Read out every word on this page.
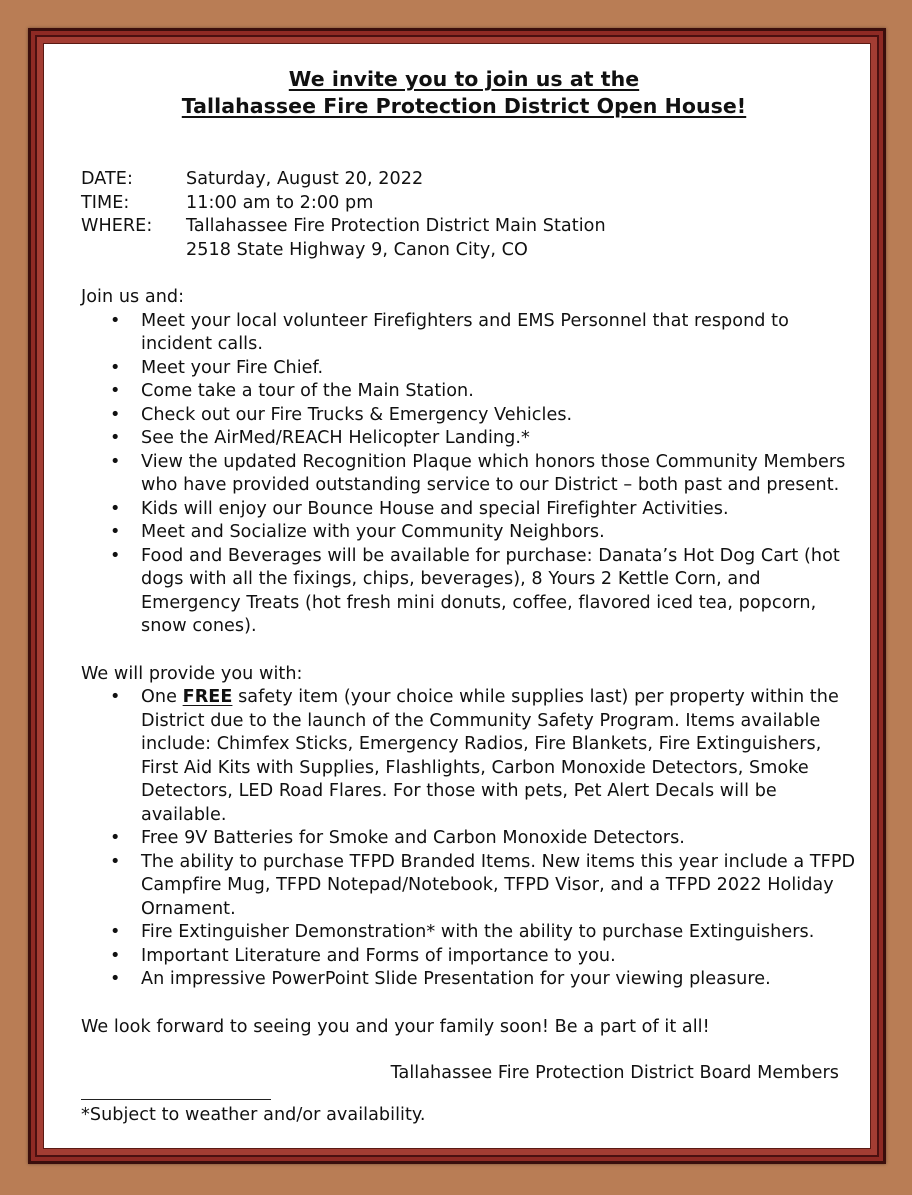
We invite you to join us at the
Tallahassee Fire Protection District Open House!
DATE:	Saturday, August 20, 2022
TIME:	11:00 am to 2:00 pm
WHERE:	Tallahassee Fire Protection District Main Station
2518 State Highway 9, Canon City, CO

Join us and:

• Meet your local volunteer Firefighters and EMS Personnel that respond to incident calls.
• Meet your Fire Chief.
• Come take a tour of the Main Station.
• Check out our Fire Trucks & Emergency Vehicles.
• See the AirMed/REACH Helicopter Landing.*
• View the updated Recognition Plaque which honors those Community Members who have provided outstanding service to our District – both past and present.
• Kids will enjoy our Bounce House and special Firefighter Activities.
• Meet and Socialize with your Community Neighbors.
• Food and Beverages will be available for purchase: Danata’s Hot Dog Cart (hot dogs with all the fixings, chips, beverages), 8 Yours 2 Kettle Corn, and Emergency Treats (hot fresh mini donuts, coffee, flavored iced tea, popcorn, snow cones).

We will provide you with:

• One FREE safety item (your choice while supplies last) per property within the District due to the launch of the Community Safety Program. Items available include: Chimfex Sticks, Emergency Radios, Fire Blankets, Fire Extinguishers, First Aid Kits with Supplies, Flashlights, Carbon Monoxide Detectors, Smoke Detectors, LED Road Flares. For those with pets, Pet Alert Decals will be available.
• Free 9V Batteries for Smoke and Carbon Monoxide Detectors.
• The ability to purchase TFPD Branded Items. New items this year include a TFPD Campfire Mug, TFPD Notepad/Notebook, TFPD Visor, and a TFPD 2022 Holiday Ornament.
• Fire Extinguisher Demonstration* with the ability to purchase Extinguishers.
• Important Literature and Forms of importance to you.
• An impressive PowerPoint Slide Presentation for your viewing pleasure.

We look forward to seeing you and your family soon! Be a part of it all!

Tallahassee Fire Protection District Board Members
*Subject to weather and/or availability.
